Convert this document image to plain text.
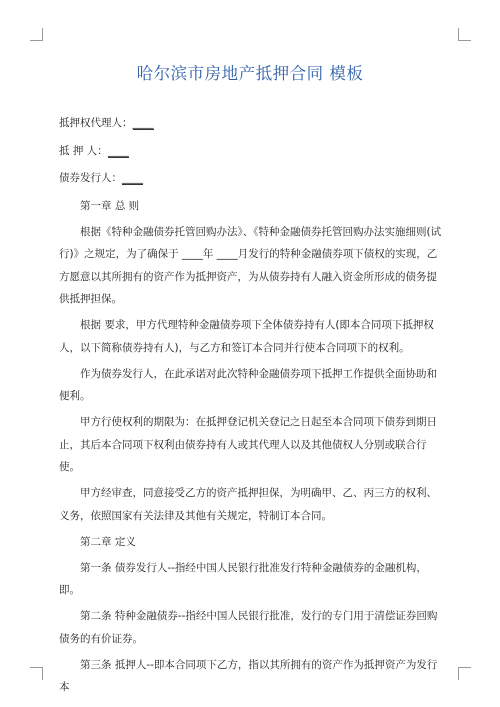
哈尔滨市房地产抵押合同 模板

抵押权代理人：____

抵 押 人：____

债券发行人：____

第一章 总 则

根据《特种金融债券托管回购办法》、《特种金融债券托管回购办法实施细则(试行)》之规定，为了确保于 ____年 ____月发行的特种金融债券项下债权的实现，乙方愿意以其所拥有的资产作为抵押资产，为从债券持有人融入资金所形成的债务提供抵押担保。

根据 要求，甲方代理特种金融债券项下全体债券持有人(即本合同项下抵押权人，以下简称债券持有人)，与乙方和签订本合同并行使本合同项下的权利。

作为债券发行人，在此承诺对此次特种金融债券项下抵押工作提供全面协助和便利。

甲方行使权利的期限为：在抵押登记机关登记之日起至本合同项下债券到期日止，其后本合同项下权利由债券持有人或其代理人以及其他债权人分别或联合行使。

甲方经审查，同意接受乙方的资产抵押担保，为明确甲、乙、丙三方的权利、义务，依照国家有关法律及其他有关规定，特制订本合同。

第二章 定义

第一条 债券发行人--指经中国人民银行批准发行特种金融债券的金融机构，即。

第二条 特种金融债券--指经中国人民银行批准，发行的专门用于清偿证券回购债务的有价证券。

第三条 抵押人--即本合同项下乙方，指以其所拥有的资产作为抵押资产为发行本
